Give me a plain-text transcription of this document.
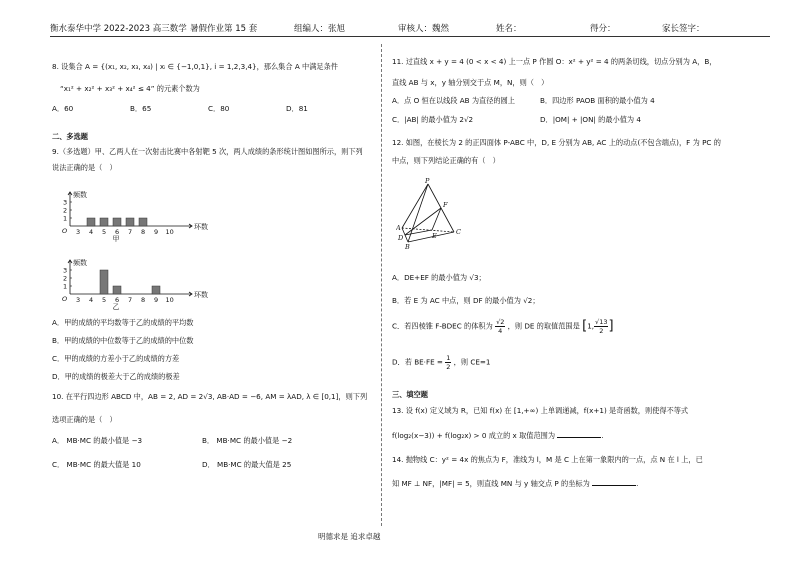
衡水泰华中学 2022-2023 高三数学 暑假作业第 15 套	组编人：张旭	审核人：魏然	姓名：	得分：	家长签字：
8. 设集合 A = {(x₁, x₂, x₃, x₄) | xᵢ ∈ {−1,0,1}, i = 1,2,3,4}，那么集合 A 中满足条件
“x₁² + x₂² + x₃² + x₄² ≤ 4” 的元素个数为
A．60	B．65	C．80	D．81
二、多选题
9.（多选题）甲、乙两人在一次射击比赛中各射靶 5 次，两人成绩的条形统计图如图所示，则下列
说法正确的是（　）
A．甲的成绩的平均数等于乙的成绩的平均数
B．甲的成绩的中位数等于乙的成绩的中位数
C．甲的成绩的方差小于乙的成绩的方差
D．甲的成绩的极差大于乙的成绩的极差
10. 在平行四边形 ABCD 中，AB = 2, AD = 2√3, AB·AD = −6, AM = λAD, λ ∈ [0,1]，则下列
选项正确的是（　）
A． MB·MC 的最小值是 −3	B． MB·MC 的最小值是 −2
C． MB·MC 的最大值是 10	D． MB·MC 的最大值是 25
频数
环数
O
1
2
3
3 4 5 6 7 8 9 10
甲
频数
环数
O
1
2
3
3 4 5 6 7 8 9 10
乙
11. 过直线 x + y = 4 (0 < x < 4) 上一点 P 作圆 O：x² + y² = 4 的两条切线，切点分别为 A，B，
直线 AB 与 x，y 轴分别交于点 M，N，则（　）
A．点 O 恒在以线段 AB 为直径的圆上	B．四边形 PAOB 面积的最小值为 4
C．|AB| 的最小值为 2√2	D．|OM| + |ON| 的最小值为 4
12. 如图，在棱长为 2 的正四面体 P-ABC 中，D, E 分别为 AB, AC 上的动点(不包含端点)，F 为 PC 的
中点，则下列结论正确的有（　）
A．DE+EF 的最小值为 √3；
B．若 E 为 AC 中点，则 DF 的最小值为 √2；
C．若四棱锥 F-BDEC 的体积为 $\frac{√2}{4}$ ，则 DE 的取值范围是 [1, $\frac{√13}{2}$ ]
D．若 $BE\cdot FE = \frac{1}{2}$ ，则 CE=1
三、填空题
13. 设 f(x) 定义域为 R，已知 f(x) 在 [1,+∞) 上单调递减，f(x+1) 是奇函数，则使得不等式
f(log₂(x−3)) + f(log₂x) > 0 成立的 x 取值范围为	.
14. 抛物线 C：y² = 4x 的焦点为 F，准线为 l，M 是 C 上在第一象限内的一点，点 N 在 l 上，已
知 MF ⊥ NF，|MF| = 5，则直线 MN 与 y 轴交点 P 的坐标为	.
P
A
B
C
D	E
F
明德求是 追求卓越
